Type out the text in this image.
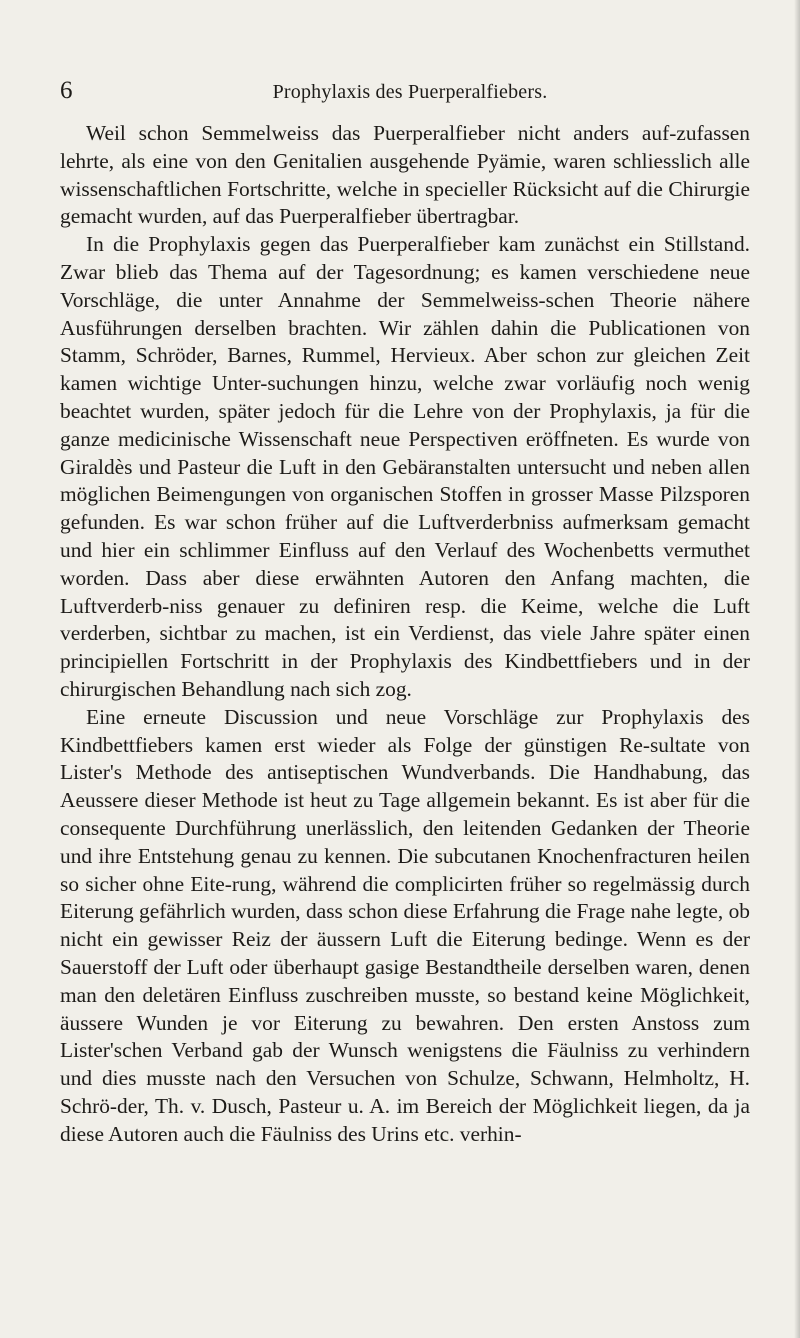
6	Prophylaxis des Puerperalfiebers.

Weil schon Semmelweiss das Puerperalfieber nicht anders auf-zufassen lehrte, als eine von den Genitalien ausgehende Pyämie, waren schliesslich alle wissenschaftlichen Fortschritte, welche in specieller Rücksicht auf die Chirurgie gemacht wurden, auf das Puerperalfieber übertragbar.

In die Prophylaxis gegen das Puerperalfieber kam zunächst ein Stillstand. Zwar blieb das Thema auf der Tagesordnung; es kamen verschiedene neue Vorschläge, die unter Annahme der Semmelweiss-schen Theorie nähere Ausführungen derselben brachten. Wir zählen dahin die Publicationen von Stamm, Schröder, Barnes, Rummel, Hervieux. Aber schon zur gleichen Zeit kamen wichtige Unter-suchungen hinzu, welche zwar vorläufig noch wenig beachtet wurden, später jedoch für die Lehre von der Prophylaxis, ja für die ganze medicinische Wissenschaft neue Perspectiven eröffneten. Es wurde von Giraldès und Pasteur die Luft in den Gebäranstalten untersucht und neben allen möglichen Beimengungen von organischen Stoffen in grosser Masse Pilzsporen gefunden. Es war schon früher auf die Luftverderbniss aufmerksam gemacht und hier ein schlimmer Einfluss auf den Verlauf des Wochenbetts vermuthet worden. Dass aber diese erwähnten Autoren den Anfang machten, die Luftverderb-niss genauer zu definiren resp. die Keime, welche die Luft verderben, sichtbar zu machen, ist ein Verdienst, das viele Jahre später einen principiellen Fortschritt in der Prophylaxis des Kindbettfiebers und in der chirurgischen Behandlung nach sich zog.

Eine erneute Discussion und neue Vorschläge zur Prophylaxis des Kindbettfiebers kamen erst wieder als Folge der günstigen Re-sultate von Lister's Methode des antiseptischen Wundverbands. Die Handhabung, das Aeussere dieser Methode ist heut zu Tage allgemein bekannt. Es ist aber für die consequente Durchführung unerlässlich, den leitenden Gedanken der Theorie und ihre Entstehung genau zu kennen. Die subcutanen Knochenfracturen heilen so sicher ohne Eite-rung, während die complicirten früher so regelmässig durch Eiterung gefährlich wurden, dass schon diese Erfahrung die Frage nahe legte, ob nicht ein gewisser Reiz der äussern Luft die Eiterung bedinge. Wenn es der Sauerstoff der Luft oder überhaupt gasige Bestandtheile derselben waren, denen man den deletären Einfluss zuschreiben musste, so bestand keine Möglichkeit, äussere Wunden je vor Eiterung zu bewahren. Den ersten Anstoss zum Lister'schen Verband gab der Wunsch wenigstens die Fäulniss zu verhindern und dies musste nach den Versuchen von Schulze, Schwann, Helmholtz, H. Schrö-der, Th. v. Dusch, Pasteur u. A. im Bereich der Möglichkeit liegen, da ja diese Autoren auch die Fäulniss des Urins etc. verhin-
